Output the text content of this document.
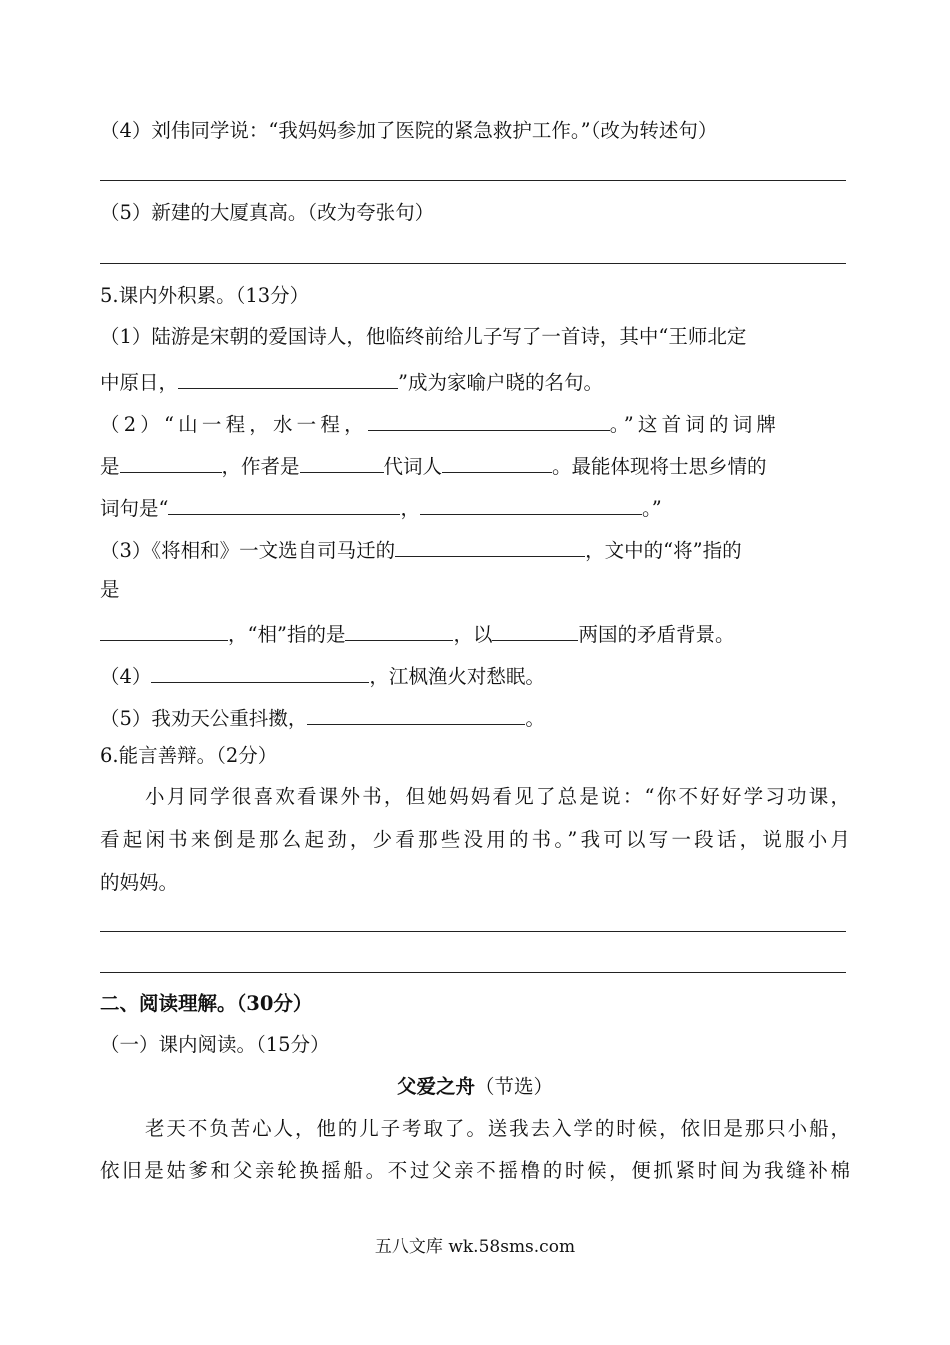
（4）刘伟同学说：“我妈妈参加了医院的紧急救护工作。”（改为转述句）
（5）新建的大厦真高。（改为夸张句）
5.课内外积累。（13分）
（1）陆游是宋朝的爱国诗人，他临终前给儿子写了一首诗，其中“王师北定
中原日，	”成为家喻户晓的名句。
（2）“山一程，水一程，	。”这首词的词牌
是	，作者是	代词人	。最能体现将士思乡情的
词句是“	，	。”
（3）《将相和》一文选自司马迁的	，文中的“将”指的
是
，“相”指的是	，以	两国的矛盾背景。
（4）	，江枫渔火对愁眠。
（5）我劝天公重抖擞，	。
6.能言善辩。（2分）
小月同学很喜欢看课外书，但她妈妈看见了总是说：“你不好好学习功课，
看起闲书来倒是那么起劲，少看那些没用的书。”我可以写一段话，说服小月
的妈妈。
二、阅读理解。（30分）
（一）课内阅读。（15分）
父爱之舟（节选）
老天不负苦心人，他的儿子考取了。送我去入学的时候，依旧是那只小船，
依旧是姑爹和父亲轮换摇船。不过父亲不摇橹的时候，便抓紧时间为我缝补棉
五八文库 wk.58sms.com
